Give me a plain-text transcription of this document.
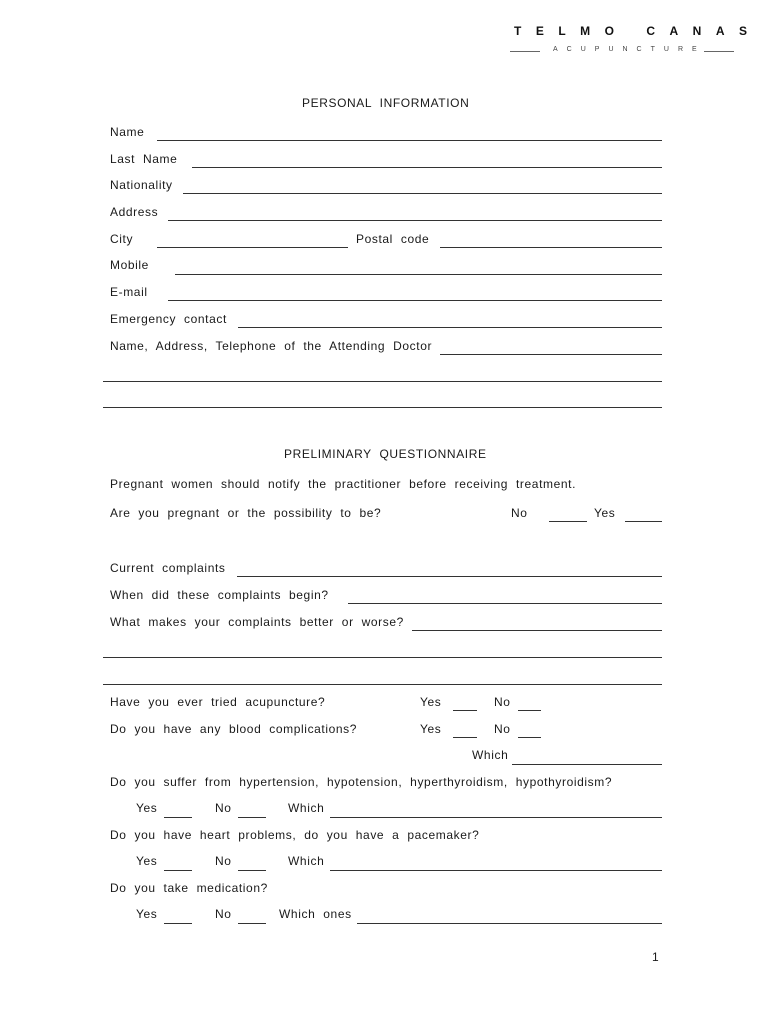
TELMO CANAS
ACUPUNCTURE
PERSONAL INFORMATION
Name
Last Name
Nationality
Address
City	Postal code
Mobile
E-mail
Emergency contact
Name, Address, Telephone of the Attending Doctor
PRELIMINARY QUESTIONNAIRE
Pregnant women should notify the practitioner before receiving treatment.
Are you pregnant or the possibility to be?	No	Yes
Current complaints
When did these complaints begin?
What makes your complaints better or worse?
Have you ever tried acupuncture?	Yes	No
Do you have any blood complications?	Yes	No
Which
Do you suffer from hypertension, hypotension, hyperthyroidism, hypothyroidism?
Yes	No	Which
Do you have heart problems, do you have a pacemaker?
Yes	No	Which
Do you take medication?
Yes	No	Which ones
1
